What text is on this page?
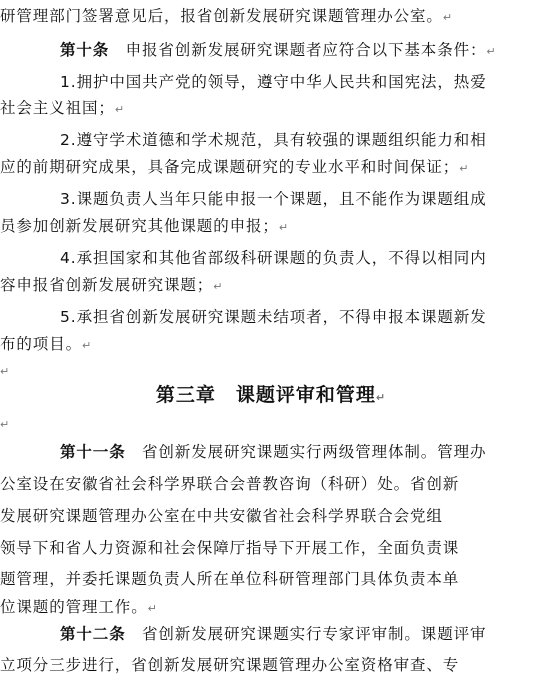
研管理部门签署意见后，报省创新发展研究课题管理办公室。↵
第十条　申报省创新发展研究课题者应符合以下基本条件：↵
1.拥护中国共产党的领导，遵守中华人民共和国宪法，热爱
社会主义祖国；↵
2.遵守学术道德和学术规范，具有较强的课题组织能力和相
应的前期研究成果，具备完成课题研究的专业水平和时间保证；↵
3.课题负责人当年只能申报一个课题，且不能作为课题组成
员参加创新发展研究其他课题的申报；↵
4.承担国家和其他省部级科研课题的负责人，不得以相同内
容申报省创新发展研究课题；↵
5.承担省创新发展研究课题未结项者，不得申报本课题新发
布的项目。↵
↵
第三章　课题评审和管理↵
↵
第十一条　省创新发展研究课题实行两级管理体制。管理办
公室设在安徽省社会科学界联合会普教咨询（科研）处。省创新
发展研究课题管理办公室在中共安徽省社会科学界联合会党组
领导下和省人力资源和社会保障厅指导下开展工作，全面负责课
题管理，并委托课题负责人所在单位科研管理部门具体负责本单
位课题的管理工作。↵
第十二条　省创新发展研究课题实行专家评审制。课题评审
立项分三步进行，省创新发展研究课题管理办公室资格审查、专
